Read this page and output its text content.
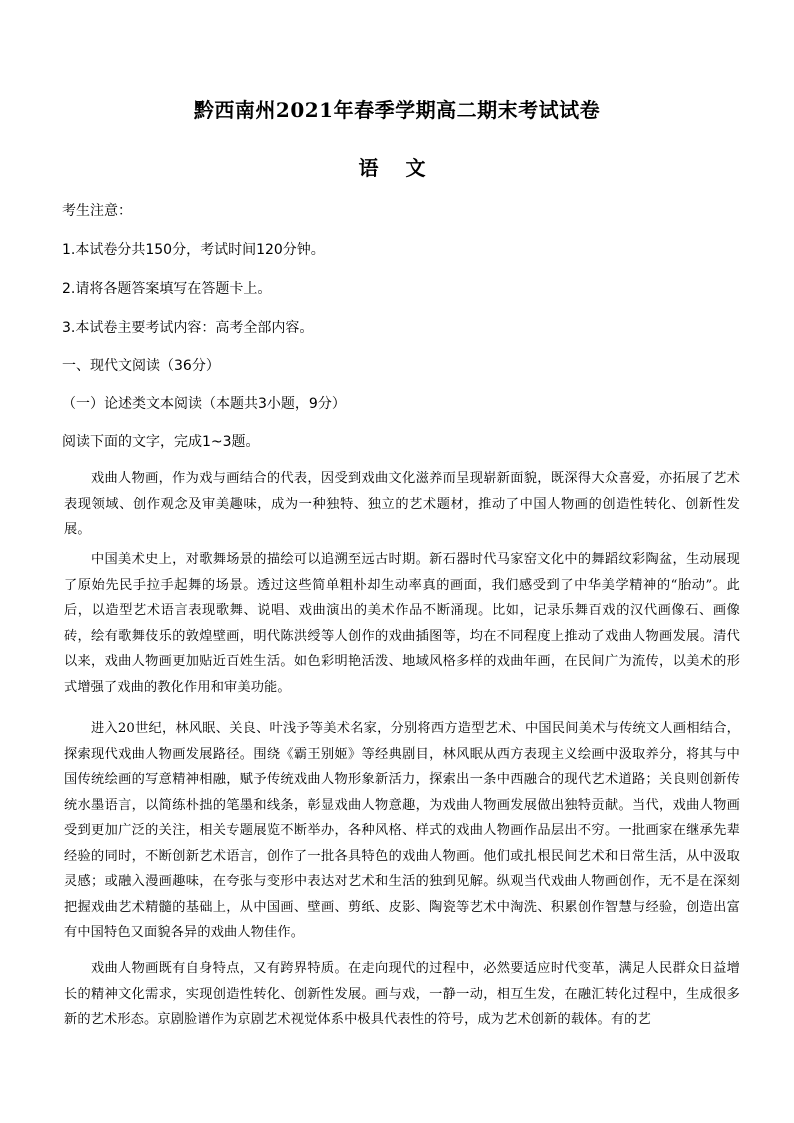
黔西南州2021年春季学期高二期末考试试卷
语 文
考生注意：
1.本试卷分共150分，考试时间120分钟。
2.请将各题答案填写在答题卡上。
3.本试卷主要考试内容：高考全部内容。
一、现代文阅读（36分）
（一）论述类文本阅读（本题共3小题，9分）
阅读下面的文字，完成1~3题。
戏曲人物画，作为戏与画结合的代表，因受到戏曲文化滋养而呈现崭新面貌，既深得大众喜爱，亦拓展了艺术表现领域、创作观念及审美趣味，成为一种独特、独立的艺术题材，推动了中国人物画的创造性转化、创新性发展。
中国美术史上，对歌舞场景的描绘可以追溯至远古时期。新石器时代马家窑文化中的舞蹈纹彩陶盆，生动展现了原始先民手拉手起舞的场景。透过这些简单粗朴却生动率真的画面，我们感受到了中华美学精神的“胎动”。此后，以造型艺术语言表现歌舞、说唱、戏曲演出的美术作品不断涌现。比如，记录乐舞百戏的汉代画像石、画像砖，绘有歌舞伎乐的敦煌壁画，明代陈洪绶等人创作的戏曲插图等，均在不同程度上推动了戏曲人物画发展。清代以来，戏曲人物画更加贴近百姓生活。如色彩明艳活泼、地域风格多样的戏曲年画，在民间广为流传，以美术的形式增强了戏曲的教化作用和审美功能。
进入20世纪，林风眠、关良、叶浅予等美术名家，分别将西方造型艺术、中国民间美术与传统文人画相结合，探索现代戏曲人物画发展路径。围绕《霸王别姬》等经典剧目，林风眠从西方表现主义绘画中汲取养分，将其与中国传统绘画的写意精神相融，赋予传统戏曲人物形象新活力，探索出一条中西融合的现代艺术道路；关良则创新传统水墨语言，以简练朴拙的笔墨和线条，彰显戏曲人物意趣，为戏曲人物画发展做出独特贡献。当代，戏曲人物画受到更加广泛的关注，相关专题展览不断举办，各种风格、样式的戏曲人物画作品层出不穷。一批画家在继承先辈经验的同时，不断创新艺术语言，创作了一批各具特色的戏曲人物画。他们或扎根民间艺术和日常生活，从中汲取灵感；或融入漫画趣味，在夸张与变形中表达对艺术和生活的独到见解。纵观当代戏曲人物画创作，无不是在深刻把握戏曲艺术精髓的基础上，从中国画、壁画、剪纸、皮影、陶瓷等艺术中淘洗、积累创作智慧与经验，创造出富有中国特色又面貌各异的戏曲人物佳作。
戏曲人物画既有自身特点，又有跨界特质。在走向现代的过程中，必然要适应时代变革，满足人民群众日益增长的精神文化需求，实现创造性转化、创新性发展。画与戏，一静一动，相互生发，在融汇转化过程中，生成很多新的艺术形态。京剧脸谱作为京剧艺术视觉体系中极具代表性的符号，成为艺术创新的载体。有的艺
